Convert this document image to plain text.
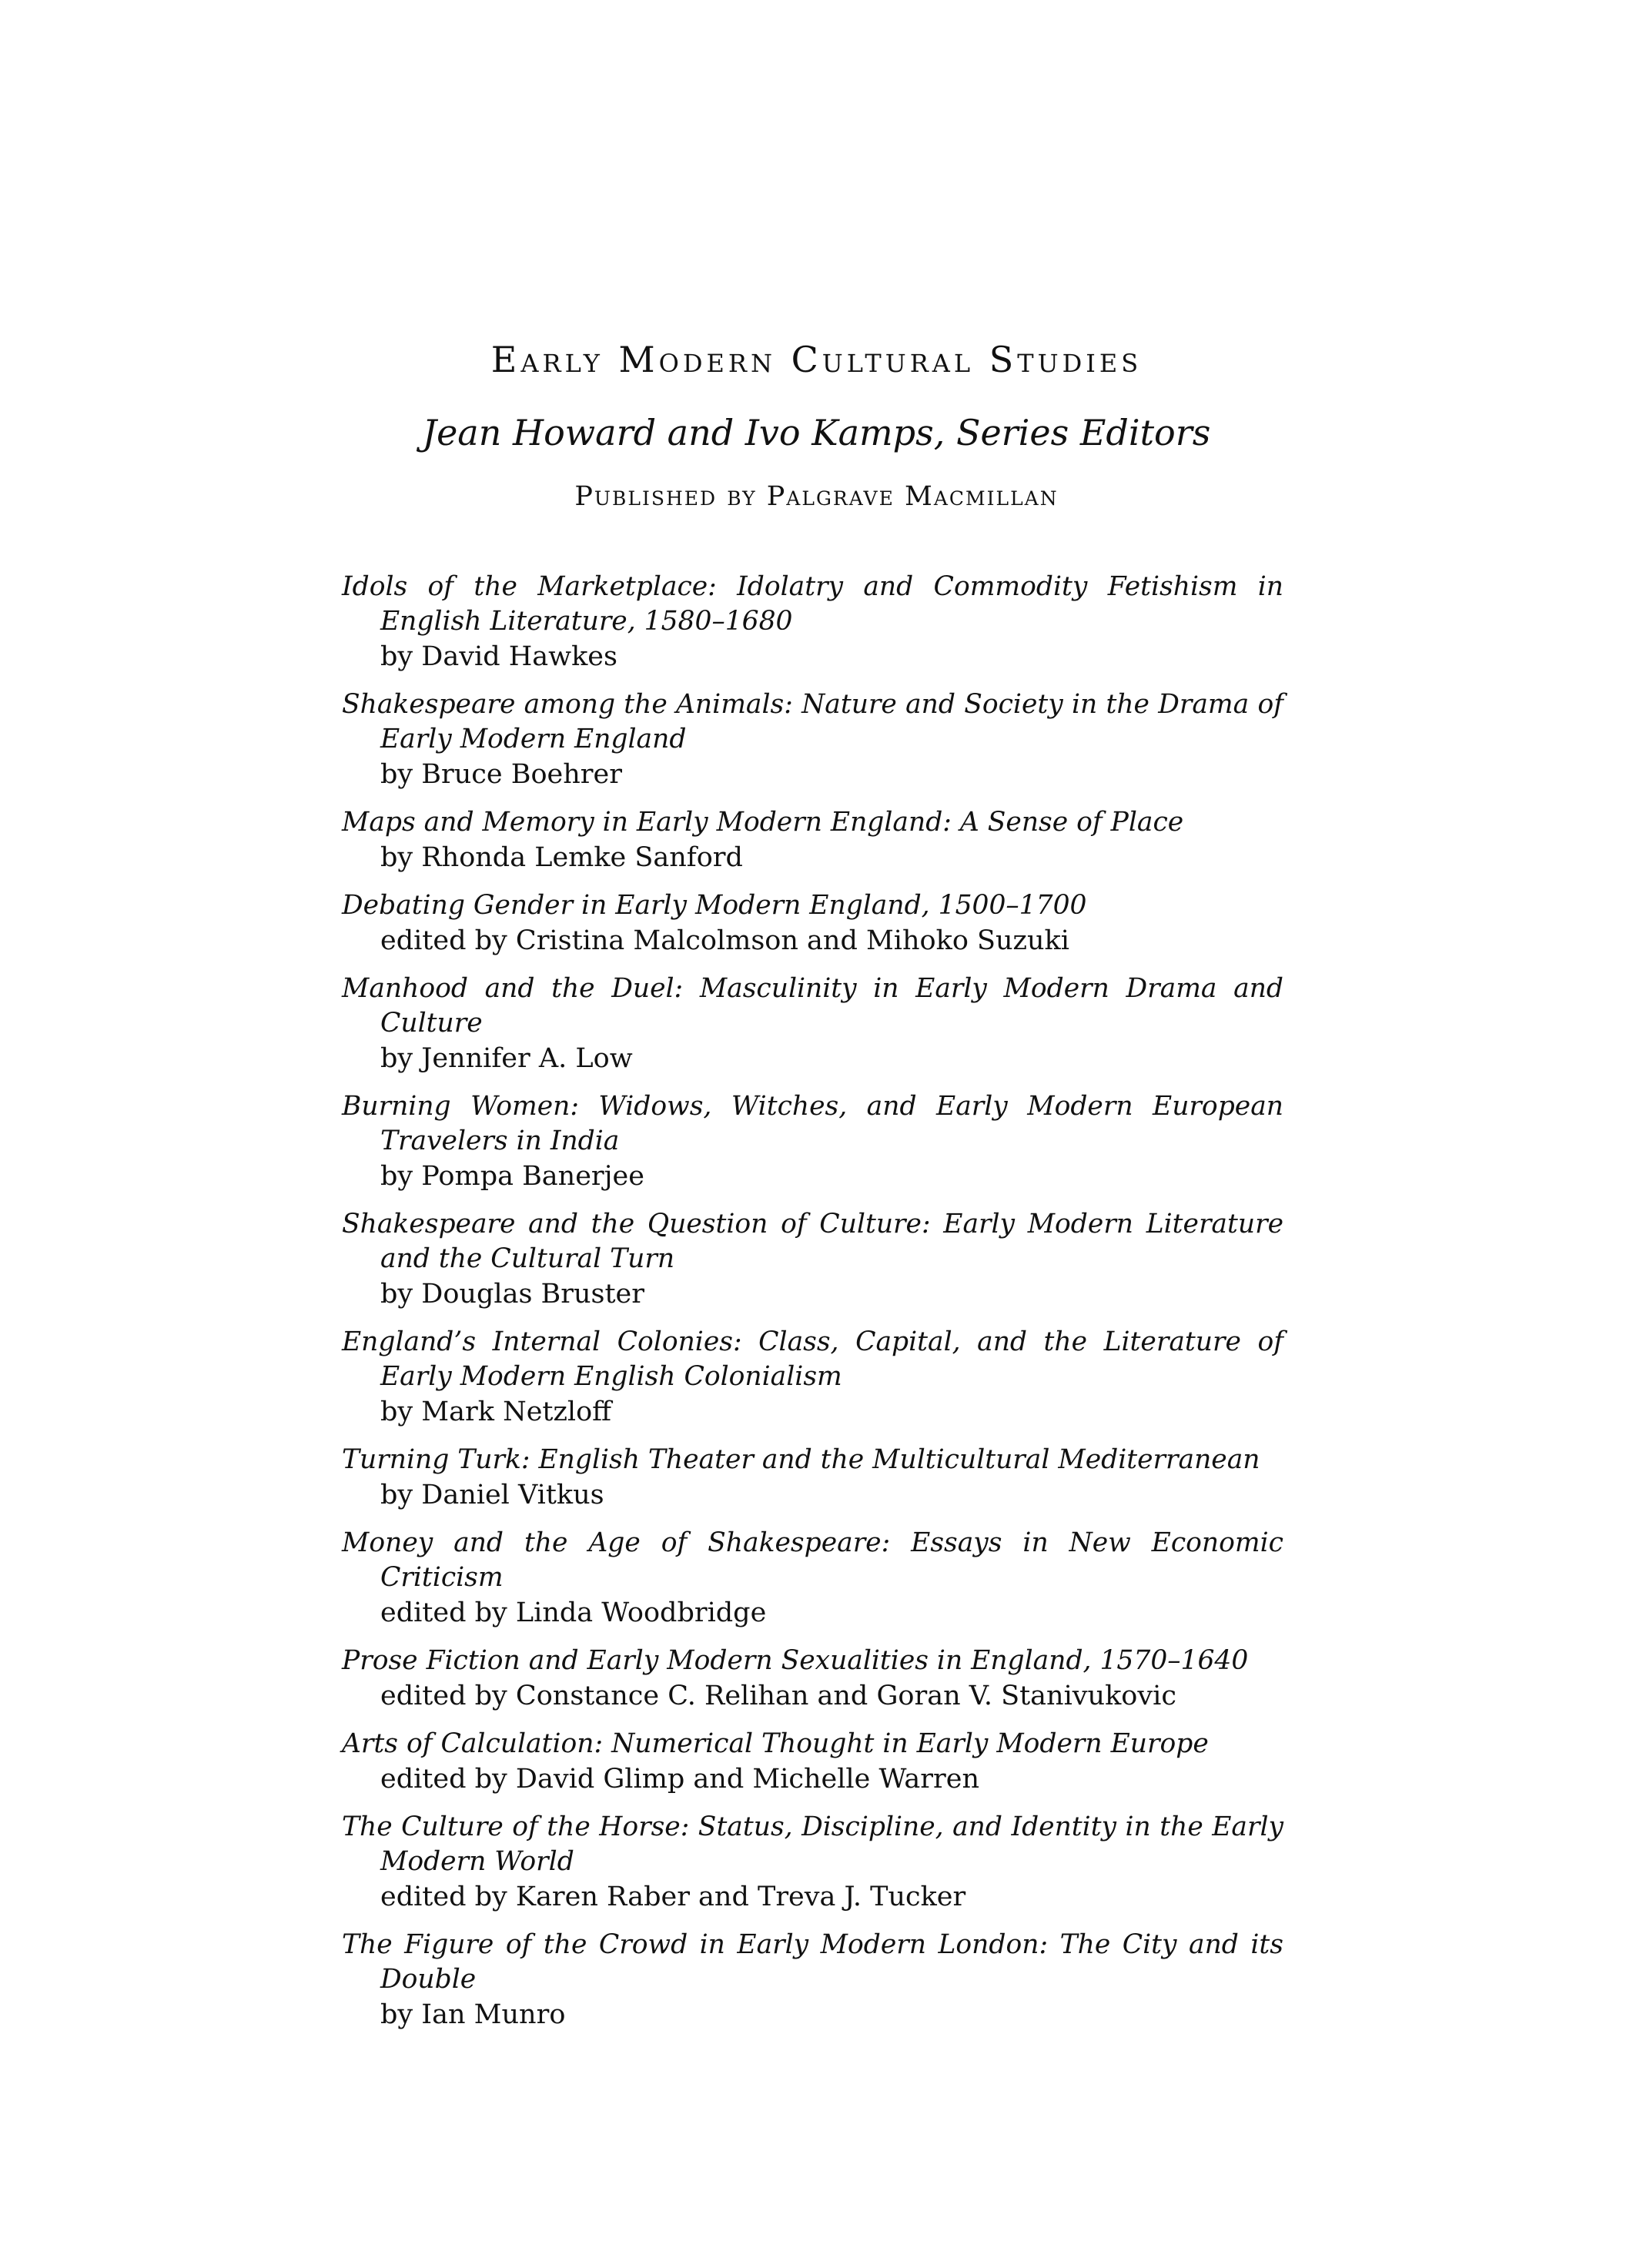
Early Modern Cultural Studies

Jean Howard and Ivo Kamps, Series Editors

Published by Palgrave Macmillan

Idols of the Marketplace: Idolatry and Commodity Fetishism in English Literature, 1580–1680
by David Hawkes
Shakespeare among the Animals: Nature and Society in the Drama of Early Modern England
by Bruce Boehrer
Maps and Memory in Early Modern England: A Sense of Place
by Rhonda Lemke Sanford
Debating Gender in Early Modern England, 1500–1700
edited by Cristina Malcolmson and Mihoko Suzuki
Manhood and the Duel: Masculinity in Early Modern Drama and Culture
by Jennifer A. Low
Burning Women: Widows, Witches, and Early Modern European Travelers in India
by Pompa Banerjee
Shakespeare and the Question of Culture: Early Modern Literature and the Cultural Turn
by Douglas Bruster
England’s Internal Colonies: Class, Capital, and the Literature of Early Modern English Colonialism
by Mark Netzloff
Turning Turk: English Theater and the Multicultural Mediterranean
by Daniel Vitkus
Money and the Age of Shakespeare: Essays in New Economic Criticism
edited by Linda Woodbridge
Prose Fiction and Early Modern Sexualities in England, 1570–1640
edited by Constance C. Relihan and Goran V. Stanivukovic
Arts of Calculation: Numerical Thought in Early Modern Europe
edited by David Glimp and Michelle Warren
The Culture of the Horse: Status, Discipline, and Identity in the Early Modern World
edited by Karen Raber and Treva J. Tucker
The Figure of the Crowd in Early Modern London: The City and its Double
by Ian Munro
